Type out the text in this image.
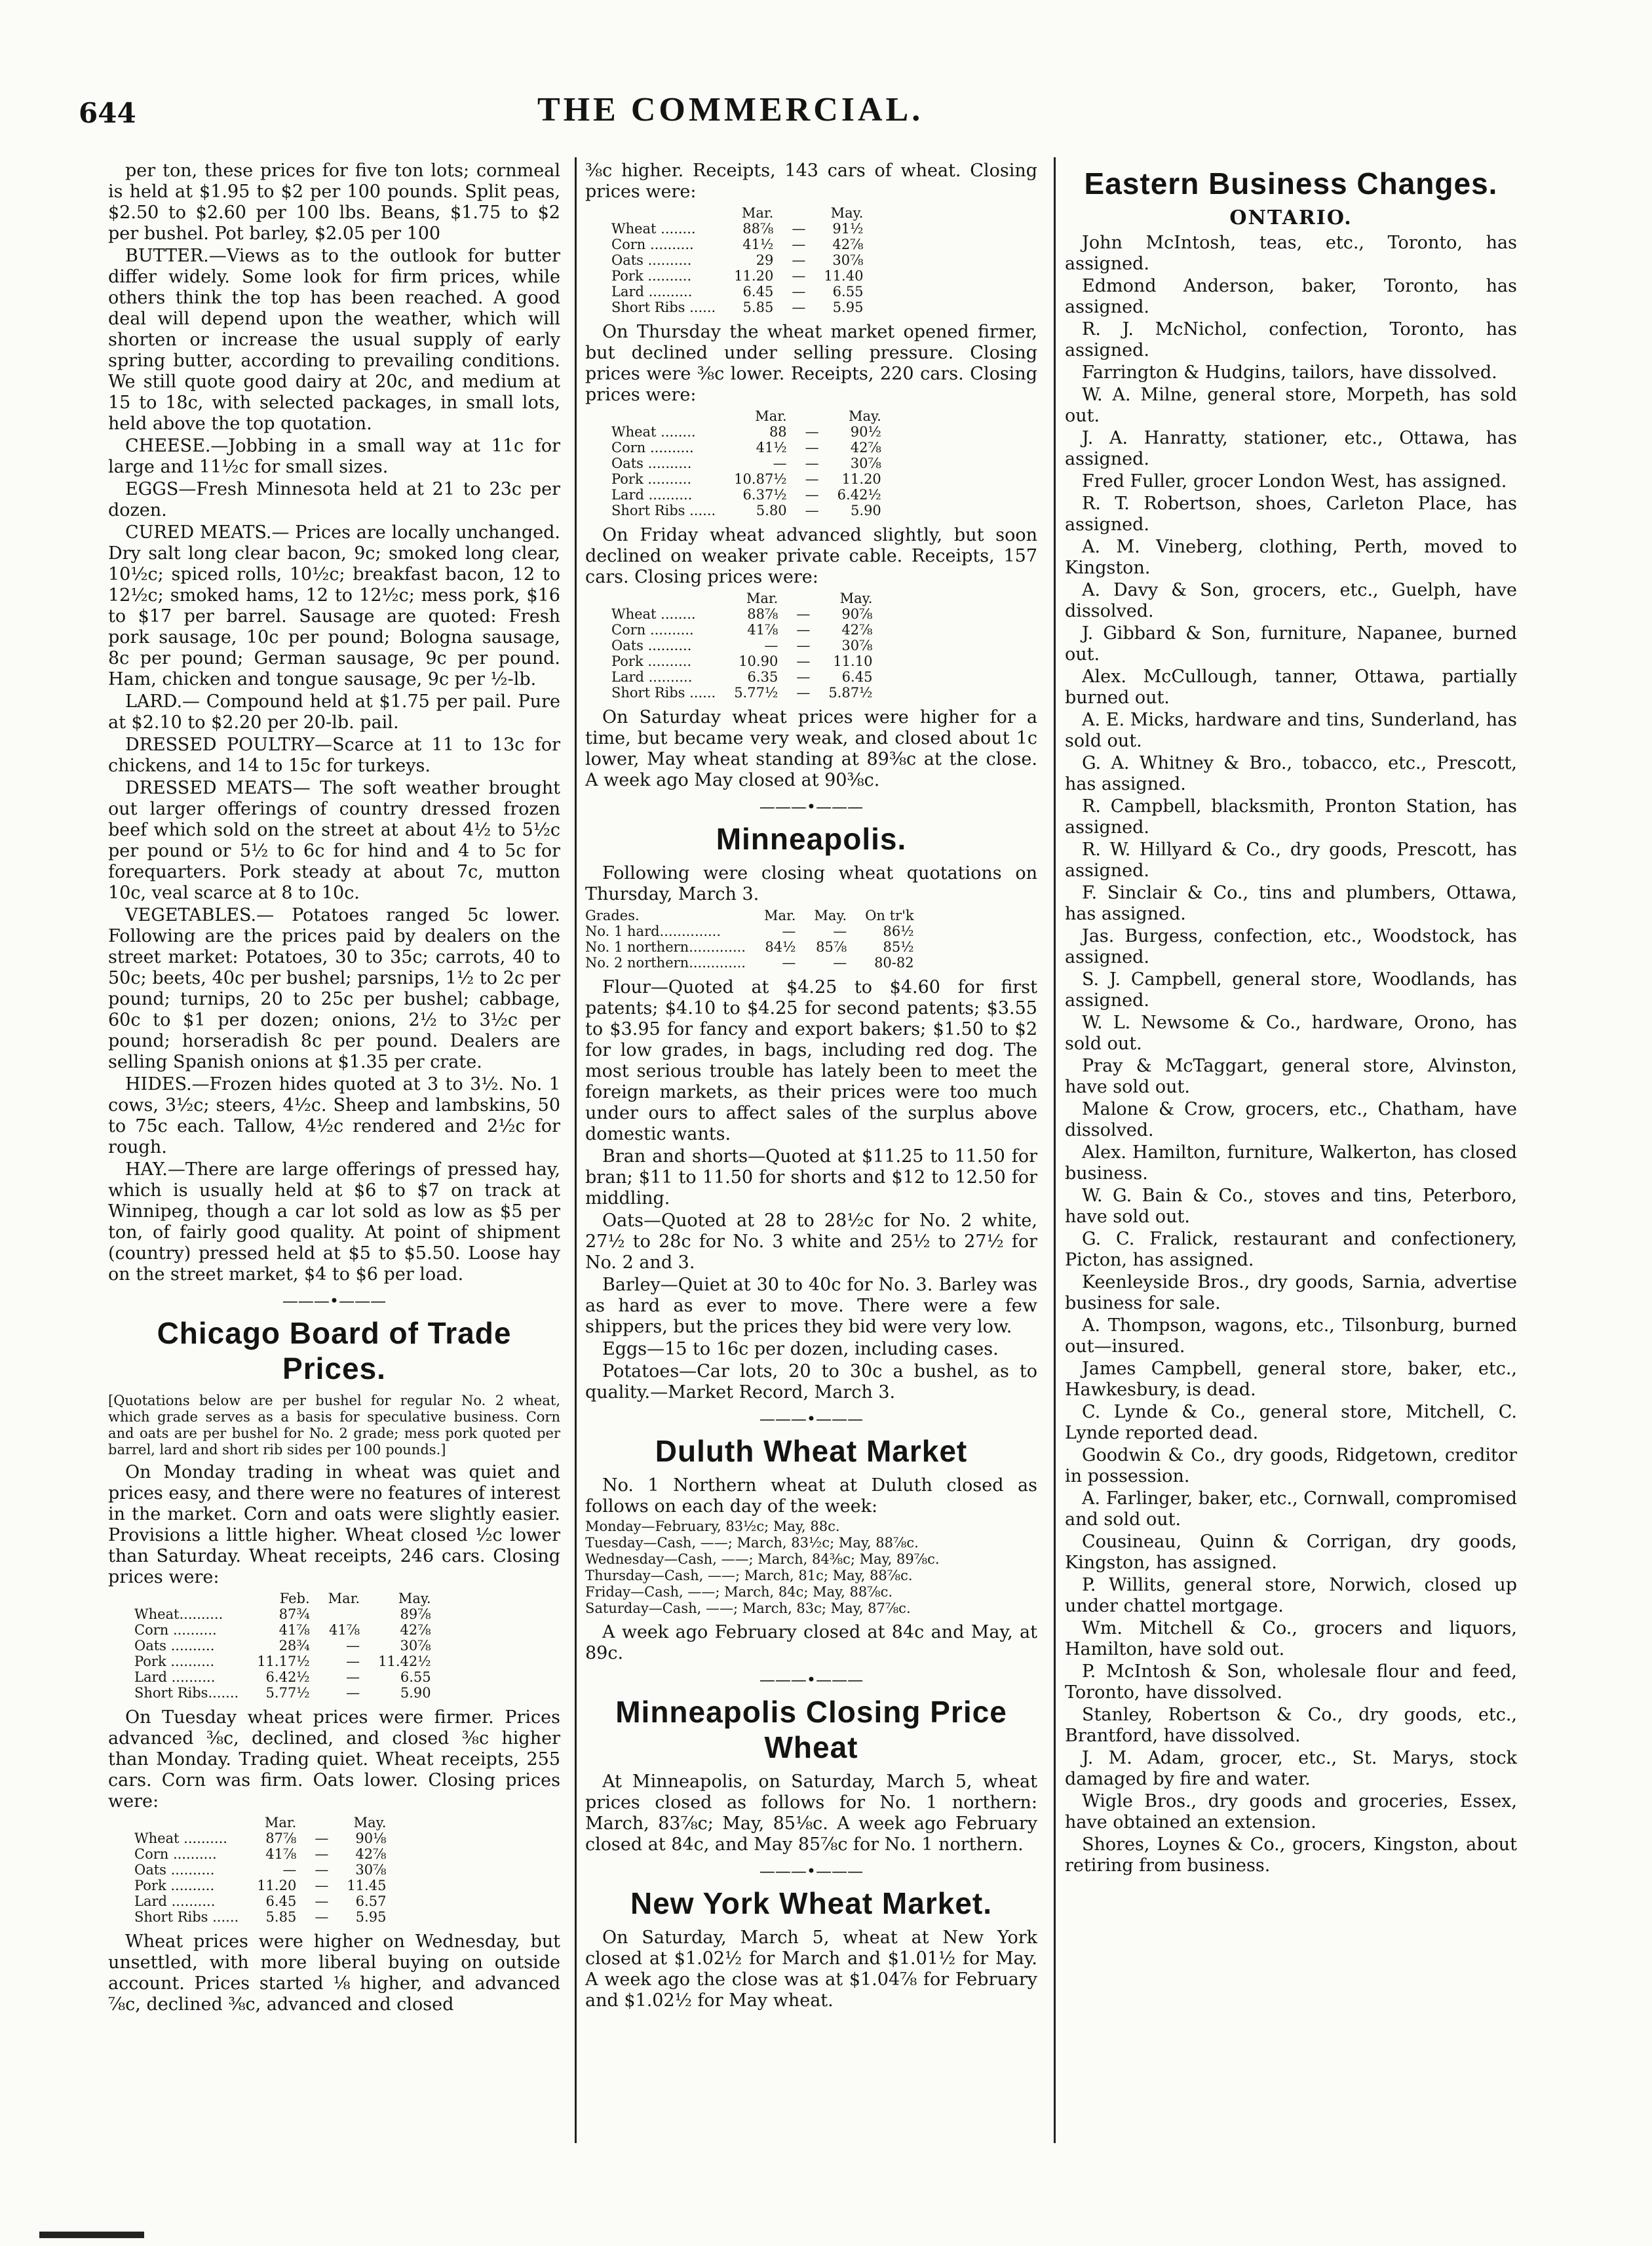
644	THE COMMERCIAL.

per ton, these prices for five ton lots; cornmeal is held at $1.95 to $2 per 100 pounds. Split peas, $2.50 to $2.60 per 100 lbs. Beans, $1.75 to $2 per bushel. Pot barley, $2.05 per 100

BUTTER.—Views as to the outlook for butter differ widely. Some look for firm prices, while others think the top has been reached. A good deal will depend upon the weather, which will shorten or increase the usual supply of early spring butter, according to prevailing conditions. We still quote good dairy at 20c, and medium at 15 to 18c, with selected packages, in small lots, held above the top quotation.

CHEESE.—Jobbing in a small way at 11c for large and 11½c for small sizes.

EGGS—Fresh Minnesota held at 21 to 23c per dozen.

CURED MEATS.— Prices are locally unchanged. Dry salt long clear bacon, 9c; smoked long clear, 10½c; spiced rolls, 10½c; breakfast bacon, 12 to 12½c; smoked hams, 12 to 12½c; mess pork, $16 to $17 per barrel. Sausage are quoted: Fresh pork sausage, 10c per pound; Bologna sausage, 8c per pound; German sausage, 9c per pound. Ham, chicken and tongue sausage, 9c per ½-lb.

LARD.— Compound held at $1.75 per pail. Pure at $2.10 to $2.20 per 20-lb. pail.

DRESSED POULTRY—Scarce at 11 to 13c for chickens, and 14 to 15c for turkeys.

DRESSED MEATS— The soft weather brought out larger offerings of country dressed frozen beef which sold on the street at about 4½ to 5½c per pound or 5½ to 6c for hind and 4 to 5c for forequarters. Pork steady at about 7c, mutton 10c, veal scarce at 8 to 10c.

VEGETABLES.— Potatoes ranged 5c lower. Following are the prices paid by dealers on the street market: Potatoes, 30 to 35c; carrots, 40 to 50c; beets, 40c per bushel; parsnips, 1½ to 2c per pound; turnips, 20 to 25c per bushel; cabbage, 60c to $1 per dozen; onions, 2½ to 3½c per pound; horseradish 8c per pound. Dealers are selling Spanish onions at $1.35 per crate.

HIDES.—Frozen hides quoted at 3 to 3½. No. 1 cows, 3½c; steers, 4½c. Sheep and lambskins, 50 to 75c each. Tallow, 4½c rendered and 2½c for rough.

HAY.—There are large offerings of pressed hay, which is usually held at $6 to $7 on track at Winnipeg, though a car lot sold as low as $5 per ton, of fairly good quality. At point of shipment (country) pressed held at $5 to $5.50. Loose hay on the street market, $4 to $6 per load.

———•———
Chicago Board of Trade Prices.
[Quotations below are per bushel for regular No. 2 wheat, which grade serves as a basis for speculative business. Corn and oats are per bushel for No. 2 grade; mess pork quoted per barrel, lard and short rib sides per 100 pounds.]

On Monday trading in wheat was quiet and prices easy, and there were no features of interest in the market. Corn and oats were slightly easier. Provisions a little higher. Wheat closed ½c lower than Saturday. Wheat receipts, 246 cars. Closing prices were:

	Feb.	Mar.	May.
Wheat..........	87¾		89⅞
Corn ..........	41⅞	41⅞	42⅞
Oats ..........	28¾	—	30⅞
Pork ..........	11.17½	—	11.42½
Lard ..........	6.42½	—	6.55
Short Ribs.......	5.77½	—	5.90

On Tuesday wheat prices were firmer. Prices advanced ⅜c, declined, and closed ⅜c higher than Monday. Trading quiet. Wheat receipts, 255 cars. Corn was firm. Oats lower. Closing prices were:

	Mar.		May.
Wheat ..........	87⅞	—	90⅛
Corn ..........	41⅞	—	42⅞
Oats ..........	—	—	30⅞
Pork ..........	11.20	—	11.45
Lard ..........	6.45	—	6.57
Short Ribs ......	5.85	—	5.95

Wheat prices were higher on Wednesday, but unsettled, with more liberal buying on outside account. Prices started ⅛ higher, and advanced ⅞c, declined ⅜c, advanced and closed

⅜c higher. Receipts, 143 cars of wheat. Closing prices were:

	Mar.		May.
Wheat ........	88⅞	—	91½
Corn ..........	41½	—	42⅞
Oats ..........	29	—	30⅞
Pork ..........	11.20	—	11.40
Lard ..........	6.45	—	6.55
Short Ribs ......	5.85	—	5.95

On Thursday the wheat market opened firmer, but declined under selling pressure. Closing prices were ⅜c lower. Receipts, 220 cars. Closing prices were:

	Mar.		May.
Wheat ........	88	—	90½
Corn ..........	41½	—	42⅞
Oats ..........	—	—	30⅞
Pork ..........	10.87½	—	11.20
Lard ..........	6.37½	—	6.42½
Short Ribs ......	5.80	—	5.90

On Friday wheat advanced slightly, but soon declined on weaker private cable. Receipts, 157 cars. Closing prices were:

	Mar.		May.
Wheat ........	88⅞	—	90⅞
Corn ..........	41⅞	—	42⅞
Oats ..........	—	—	30⅞
Pork ..........	10.90	—	11.10
Lard ..........	6.35	—	6.45
Short Ribs ......	5.77½	—	5.87½

On Saturday wheat prices were higher for a time, but became very weak, and closed about 1c lower, May wheat standing at 89⅜c at the close. A week ago May closed at 90⅜c.

———•———
Minneapolis.

Following were closing wheat quotations on Thursday, March 3.

Grades.	Mar.	May.	On tr'k
No. 1 hard..............	—	—	86½
No. 1 northern.............	84½	85⅞	85½
No. 2 northern.............	—	—	80-82

Flour—Quoted at $4.25 to $4.60 for first patents; $4.10 to $4.25 for second patents; $3.55 to $3.95 for fancy and export bakers; $1.50 to $2 for low grades, in bags, including red dog. The most serious trouble has lately been to meet the foreign markets, as their prices were too much under ours to affect sales of the surplus above domestic wants.

Bran and shorts—Quoted at $11.25 to 11.50 for bran; $11 to 11.50 for shorts and $12 to 12.50 for middling.

Oats—Quoted at 28 to 28½c for No. 2 white, 27½ to 28c for No. 3 white and 25½ to 27½ for No. 2 and 3.

Barley—Quiet at 30 to 40c for No. 3. Barley was as hard as ever to move. There were a few shippers, but the prices they bid were very low.

Eggs—15 to 16c per dozen, including cases.

Potatoes—Car lots, 20 to 30c a bushel, as to quality.—Market Record, March 3.

———•———
Duluth Wheat Market

No. 1 Northern wheat at Duluth closed as follows on each day of the week:

Monday—February, 83½c; May, 88c.
Tuesday—Cash, ——; March, 83½c; May, 88⅞c.
Wednesday—Cash, ——; March, 84⅜c; May, 89⅞c.
Thursday—Cash, ——; March, 81c; May, 88⅞c.
Friday—Cash, ——; March, 84c; May, 88⅞c.
Saturday—Cash, ——; March, 83c; May, 87⅞c.

A week ago February closed at 84c and May, at 89c.

———•———
Minneapolis Closing Price Wheat

At Minneapolis, on Saturday, March 5, wheat prices closed as follows for No. 1 northern: March, 83⅞c; May, 85⅛c. A week ago February closed at 84c, and May 85⅞c for No. 1 northern.

———•———
New York Wheat Market.

On Saturday, March 5, wheat at New York closed at $1.02½ for March and $1.01½ for May. A week ago the close was at $1.04⅞ for February and $1.02½ for May wheat.

Eastern Business Changes.
ONTARIO.
John McIntosh, teas, etc., Toronto, has assigned.
Edmond Anderson, baker, Toronto, has assigned.
R. J. McNichol, confection, Toronto, has assigned.
Farrington & Hudgins, tailors, have dissolved.
W. A. Milne, general store, Morpeth, has sold out.
J. A. Hanratty, stationer, etc., Ottawa, has assigned.
Fred Fuller, grocer London West, has assigned.
R. T. Robertson, shoes, Carleton Place, has assigned.
A. M. Vineberg, clothing, Perth, moved to Kingston.
A. Davy & Son, grocers, etc., Guelph, have dissolved.
J. Gibbard & Son, furniture, Napanee, burned out.
Alex. McCullough, tanner, Ottawa, partially burned out.
A. E. Micks, hardware and tins, Sunderland, has sold out.
G. A. Whitney & Bro., tobacco, etc., Prescott, has assigned.
R. Campbell, blacksmith, Pronton Station, has assigned.
R. W. Hillyard & Co., dry goods, Prescott, has assigned.
F. Sinclair & Co., tins and plumbers, Ottawa, has assigned.
Jas. Burgess, confection, etc., Woodstock, has assigned.
S. J. Campbell, general store, Woodlands, has assigned.
W. L. Newsome & Co., hardware, Orono, has sold out.
Pray & McTaggart, general store, Alvinston, have sold out.
Malone & Crow, grocers, etc., Chatham, have dissolved.
Alex. Hamilton, furniture, Walkerton, has closed business.
W. G. Bain & Co., stoves and tins, Peterboro, have sold out.
G. C. Fralick, restaurant and confectionery, Picton, has assigned.
Keenleyside Bros., dry goods, Sarnia, advertise business for sale.
A. Thompson, wagons, etc., Tilsonburg, burned out—insured.
James Campbell, general store, baker, etc., Hawkesbury, is dead.
C. Lynde & Co., general store, Mitchell, C. Lynde reported dead.
Goodwin & Co., dry goods, Ridgetown, creditor in possession.
A. Farlinger, baker, etc., Cornwall, compromised and sold out.
Cousineau, Quinn & Corrigan, dry goods, Kingston, has assigned.
P. Willits, general store, Norwich, closed up under chattel mortgage.
Wm. Mitchell & Co., grocers and liquors, Hamilton, have sold out.
P. McIntosh & Son, wholesale flour and feed, Toronto, have dissolved.
Stanley, Robertson & Co., dry goods, etc., Brantford, have dissolved.
J. M. Adam, grocer, etc., St. Marys, stock damaged by fire and water.
Wigle Bros., dry goods and groceries, Essex, have obtained an extension.
Shores, Loynes & Co., grocers, Kingston, about retiring from business.
